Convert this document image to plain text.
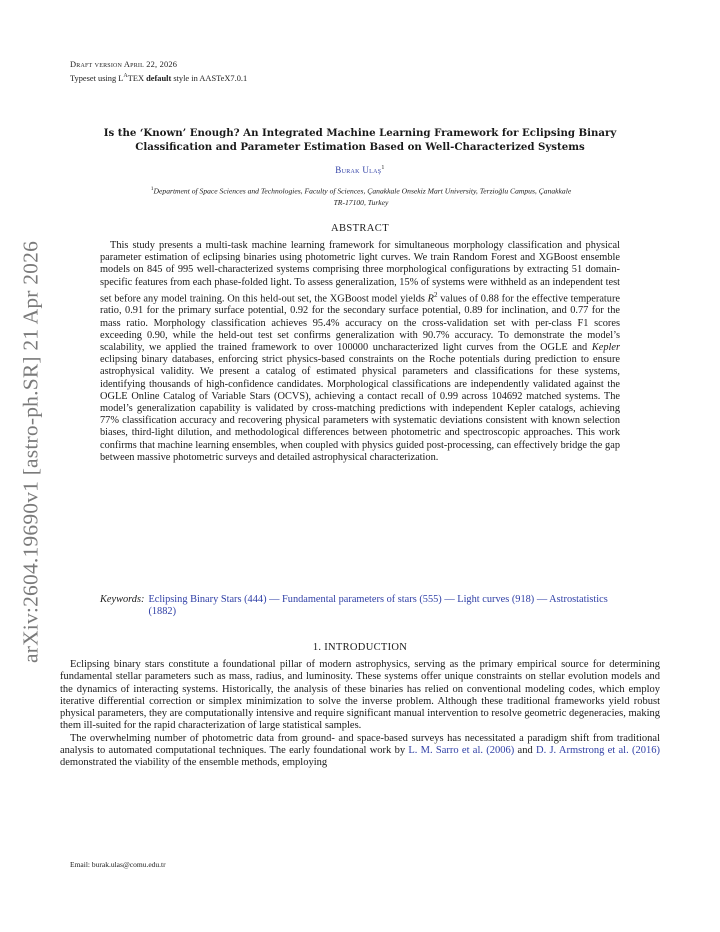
arXiv:2604.19690v1 [astro-ph.SR] 21 Apr 2026
Draft version April 22, 2026
Typeset using $L^ATEX$ default style in AASTeX7.0.1
Is the ‘Known’ Enough? An Integrated Machine Learning Framework for Eclipsing Binary
Classification and Parameter Estimation Based on Well-Characterized Systems
Burak Ulaş$^1$
$^1$Department of Space Sciences and Technologies, Faculty of Sciences, Çanakkale Onsekiz Mart University, Terzioğlu Campus, Çanakkale
TR-17100, Turkey
ABSTRACT

This study presents a multi-task machine learning framework for simultaneous morphology classification and physical parameter estimation of eclipsing binaries using photometric light curves. We train Random Forest and XGBoost ensemble models on 845 of 995 well-characterized systems comprising three morphological configurations by extracting 51 domain-specific features from each phase-folded light. To assess generalization, 15% of systems were withheld as an independent test set before any model training. On this held-out set, the XGBoost model yields $R^2$ values of 0.88 for the effective temperature ratio, 0.91 for the primary surface potential, 0.92 for the secondary surface potential, 0.89 for inclination, and 0.77 for the mass ratio. Morphology classification achieves 95.4% accuracy on the cross-validation set with per-class F1 scores exceeding 0.90, while the held-out test set confirms generalization with 90.7% accuracy. To demonstrate the model’s scalability, we applied the trained framework to over 100000 uncharacterized light curves from the OGLE and Kepler eclipsing binary databases, enforcing strict physics-based constraints on the Roche potentials during prediction to ensure astrophysical validity. We present a catalog of estimated physical parameters and classifications for these systems, identifying thousands of high-confidence candidates. Morphological classifications are independently validated against the OGLE Online Catalog of Variable Stars (OCVS), achieving a contact recall of 0.99 across 104692 matched systems. The model’s generalization capability is validated by cross-matching predictions with independent Kepler catalogs, achieving 77% classification accuracy and recovering physical parameters with systematic deviations consistent with known selection biases, third-light dilution, and methodological differences between photometric and spectroscopic approaches. This work confirms that machine learning ensembles, when coupled with physics guided post-processing, can effectively bridge the gap between massive photometric surveys and detailed astrophysical characterization.

Keywords:	Eclipsing Binary Stars (444) — Fundamental parameters of stars (555) — Light curves (918) — Astrostatistics (1882)
1. INTRODUCTION

Eclipsing binary stars constitute a foundational pillar of modern astrophysics, serving as the primary empirical source for determining fundamental stellar parameters such as mass, radius, and luminosity. These systems offer unique constraints on stellar evolution models and the dynamics of interacting systems. Historically, the analysis of these binaries has relied on conventional modeling codes, which employ iterative differential correction or simplex minimization to solve the inverse problem. Although these traditional frameworks yield robust physical parameters, they are computationally intensive and require significant manual intervention to resolve geometric degeneracies, making them ill-suited for the rapid characterization of large statistical samples.

The overwhelming number of photometric data from ground- and space-based surveys has necessitated a paradigm shift from traditional analysis to automated computational techniques. The early foundational work by L. M. Sarro et al. (2006) and D. J. Armstrong et al. (2016) demonstrated the viability of the ensemble methods, employing

Email: burak.ulas@comu.edu.tr
